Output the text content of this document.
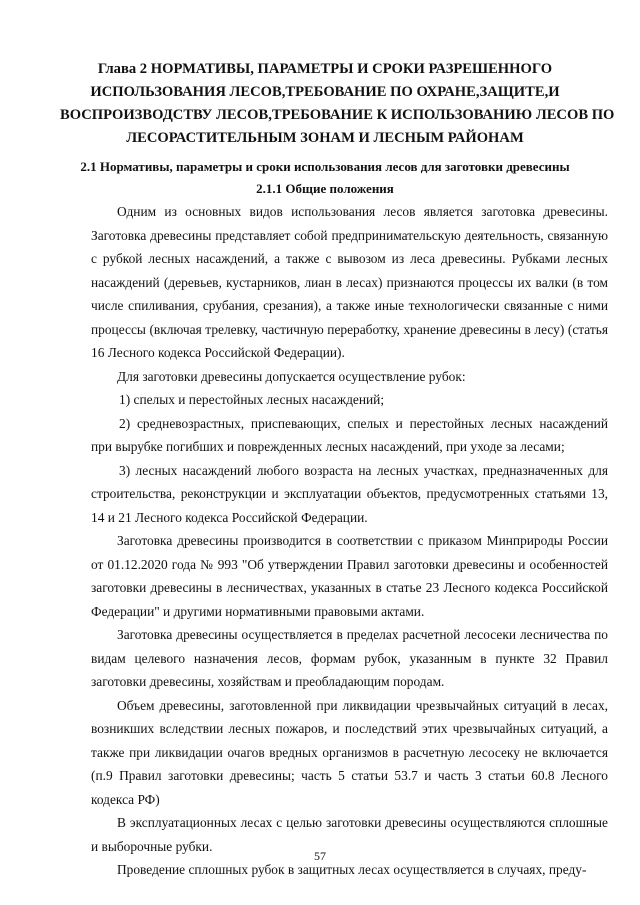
Глава 2 НОРМАТИВЫ, ПАРАМЕТРЫ И СРОКИ РАЗРЕШЕННОГО
ИСПОЛЬЗОВАНИЯ ЛЕСОВ,ТРЕБОВАНИЕ ПО ОХРАНЕ,ЗАЩИТЕ,И
ВОСПРОИЗВОДСТВУ ЛЕСОВ,ТРЕБОВАНИЕ К ИСПОЛЬЗОВАНИЮ ЛЕСОВ ПО
ЛЕСОРАСТИТЕЛЬНЫМ ЗОНАМ И ЛЕСНЫМ РАЙОНАМ
2.1 Нормативы, параметры и сроки использования лесов для заготовки древесины
2.1.1 Общие положения

Одним из основных видов использования лесов является заготовка древесины. Заготовка древесины представляет собой предпринимательскую деятельность, связанную с рубкой лесных насаждений, а также с вывозом из леса древесины. Рубками лесных насаждений (деревьев, кустарников, лиан в лесах) признаются процессы их валки (в том числе спиливания, срубания, срезания), а также иные технологически связанные с ними процессы (включая трелевку, частичную переработку, хранение древесины в лесу) (статья 16 Лесного кодекса Российской Федерации).

Для заготовки древесины допускается осуществление рубок:

1) спелых и перестойных лесных насаждений;

2) средневозрастных, приспевающих, спелых и перестойных лесных насаждений при вырубке погибших и поврежденных лесных насаждений, при уходе за лесами;

3) лесных насаждений любого возраста на лесных участках, предназначенных для строительства, реконструкции и эксплуатации объектов, предусмотренных статьями 13, 14 и 21 Лесного кодекса Российской Федерации.

Заготовка древесины производится в соответствии с приказом Минприроды России от 01.12.2020 года № 993 "Об утверждении Правил заготовки древесины и особенностей заготовки древесины в лесничествах, указанных в статье 23 Лесного кодекса Российской Федерации" и другими нормативными правовыми актами.

Заготовка древесины осуществляется в пределах расчетной лесосеки лесничества по видам целевого назначения лесов, формам рубок, указанным в пункте 32 Правил заготовки древесины, хозяйствам и преобладающим породам.

Объем древесины, заготовленной при ликвидации чрезвычайных ситуаций в лесах, возникших вследствии лесных пожаров, и последствий этих чрезвычайных ситуаций, а также при ликвидации очагов вредных организмов в расчетную лесосеку не включается (п.9 Правил заготовки древесины; часть 5 статьи 53.7 и часть 3 статьи 60.8 Лесного кодекса РФ)

В эксплуатационных лесах с целью заготовки древесины осуществляются сплошные и выборочные рубки.

Проведение сплошных рубок в защитных лесах осуществляется в случаях, преду-

57
